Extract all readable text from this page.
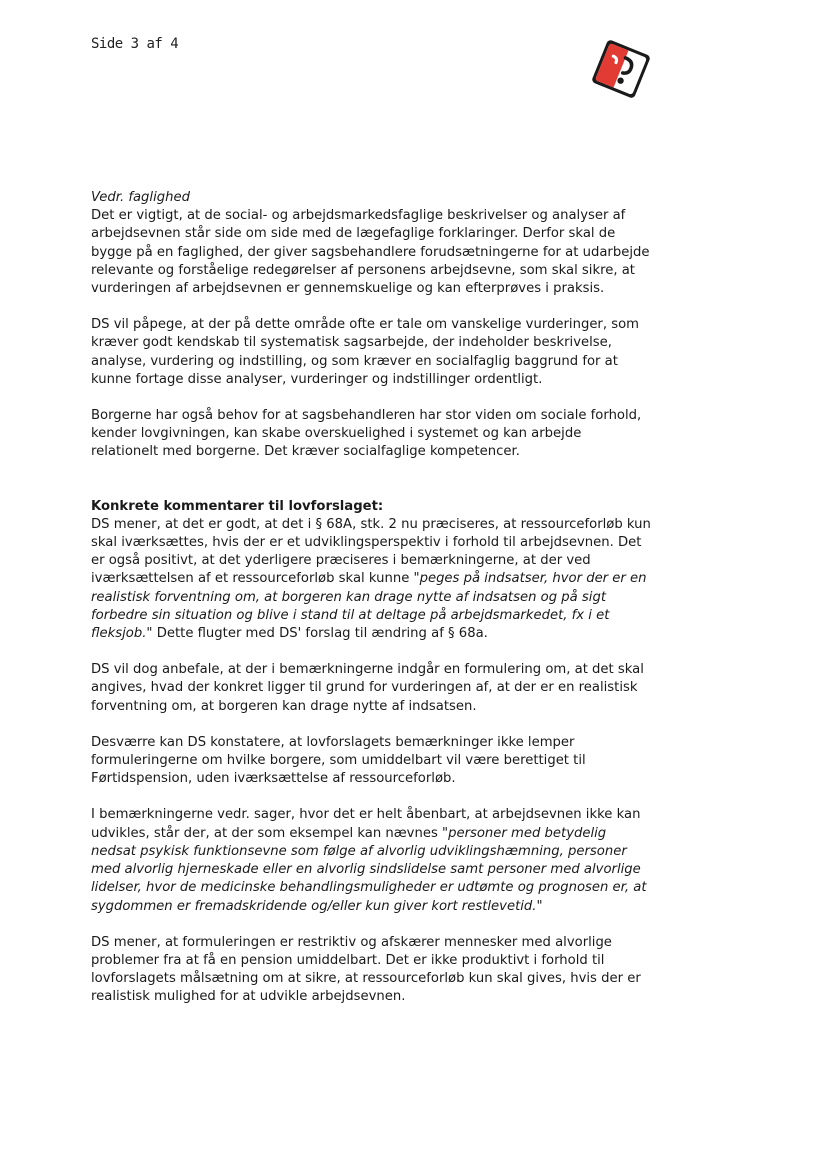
Side 3 af 4

Vedr. faglighed
Det er vigtigt, at de social- og arbejdsmarkedsfaglige beskrivelser og analyser af arbejdsevnen står side om side med de lægefaglige forklaringer. Derfor skal de bygge på en faglighed, der giver sagsbehandlere forudsætningerne for at udarbejde relevante og forståelige redegørelser af personens arbejdsevne, som skal sikre, at vurderingen af arbejdsevnen er gennemskuelige og kan efterprøves i praksis.

DS vil påpege, at der på dette område ofte er tale om vanskelige vurderinger, som kræver godt kendskab til systematisk sagsarbejde, der indeholder beskrivelse, analyse, vurdering og indstilling, og som kræver en socialfaglig baggrund for at kunne fortage disse analyser, vurderinger og indstillinger ordentligt.

Borgerne har også behov for at sagsbehandleren har stor viden om sociale forhold, kender lovgivningen, kan skabe overskuelighed i systemet og kan arbejde relationelt med borgerne. Det kræver socialfaglige kompetencer.

Konkrete kommentarer til lovforslaget:
DS mener, at det er godt, at det i § 68A, stk. 2 nu præciseres, at ressourceforløb kun skal iværksættes, hvis der er et udviklingsperspektiv i forhold til arbejdsevnen. Det er også positivt, at det yderligere præciseres i bemærkningerne, at der ved iværksættelsen af et ressourceforløb skal kunne "peges på indsatser, hvor der er en realistisk forventning om, at borgeren kan drage nytte af indsatsen og på sigt forbedre sin situation og blive i stand til at deltage på arbejdsmarkedet, fx i et fleksjob." Dette flugter med DS' forslag til ændring af § 68a.

DS vil dog anbefale, at der i bemærkningerne indgår en formulering om, at det skal angives, hvad der konkret ligger til grund for vurderingen af, at der er en realistisk forventning om, at borgeren kan drage nytte af indsatsen.

Desværre kan DS konstatere, at lovforslagets bemærkninger ikke lemper formuleringerne om hvilke borgere, som umiddelbart vil være berettiget til Førtidspension, uden iværksættelse af ressourceforløb.

I bemærkningerne vedr. sager, hvor det er helt åbenbart, at arbejdsevnen ikke kan udvikles, står der, at der som eksempel kan nævnes "personer med betydelig nedsat psykisk funktionsevne som følge af alvorlig udviklingshæmning, personer med alvorlig hjerneskade eller en alvorlig sindslidelse samt personer med alvorlige lidelser, hvor de medicinske behandlingsmuligheder er udtømte og prognosen er, at sygdommen er fremadskridende og/eller kun giver kort restlevetid."

DS mener, at formuleringen er restriktiv og afskærer mennesker med alvorlige problemer fra at få en pension umiddelbart. Det er ikke produktivt i forhold til lovforslagets målsætning om at sikre, at ressourceforløb kun skal gives, hvis der er realistisk mulighed for at udvikle arbejdsevnen.
